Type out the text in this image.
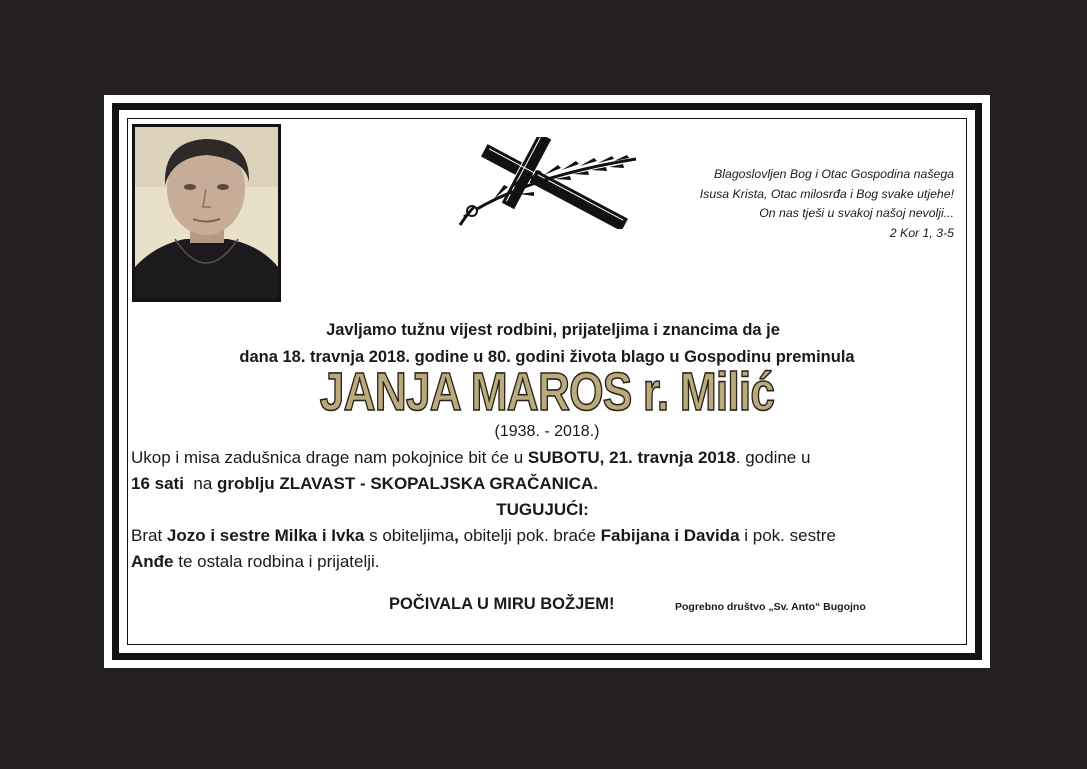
Blagoslovljen Bog i Otac Gospodina našega
Isusa Krista, Otac milosrđa i Bog svake utjehe!
On nas tješi u svakoj našoj nevolji...
2 Kor 1, 3-5
Javljamo tužnu vijest rodbini, prijateljima i znancima da je
dana 18. travnja 2018. godine u 80. godini života blago u Gospodinu preminula
JANJA MAROS r. Milić
(1938. - 2018.)
Ukop i misa zadušnica drage nam pokojnice bit će u SUBOTU, 21. travnja 2018. godine u
16 sati  na groblju ZLAVAST - SKOPALJSKA GRAČANICA.
TUGUJUĆI:
Brat Jozo i sestre Milka i Ivka s obiteljima, obitelji pok. braće Fabijana i Davida i pok. sestre
Anđe te ostala rodbina i prijatelji.
POČIVALA U MIRU BOŽJEM!	Pogrebno društvo „Sv. Anto“ Bugojno
